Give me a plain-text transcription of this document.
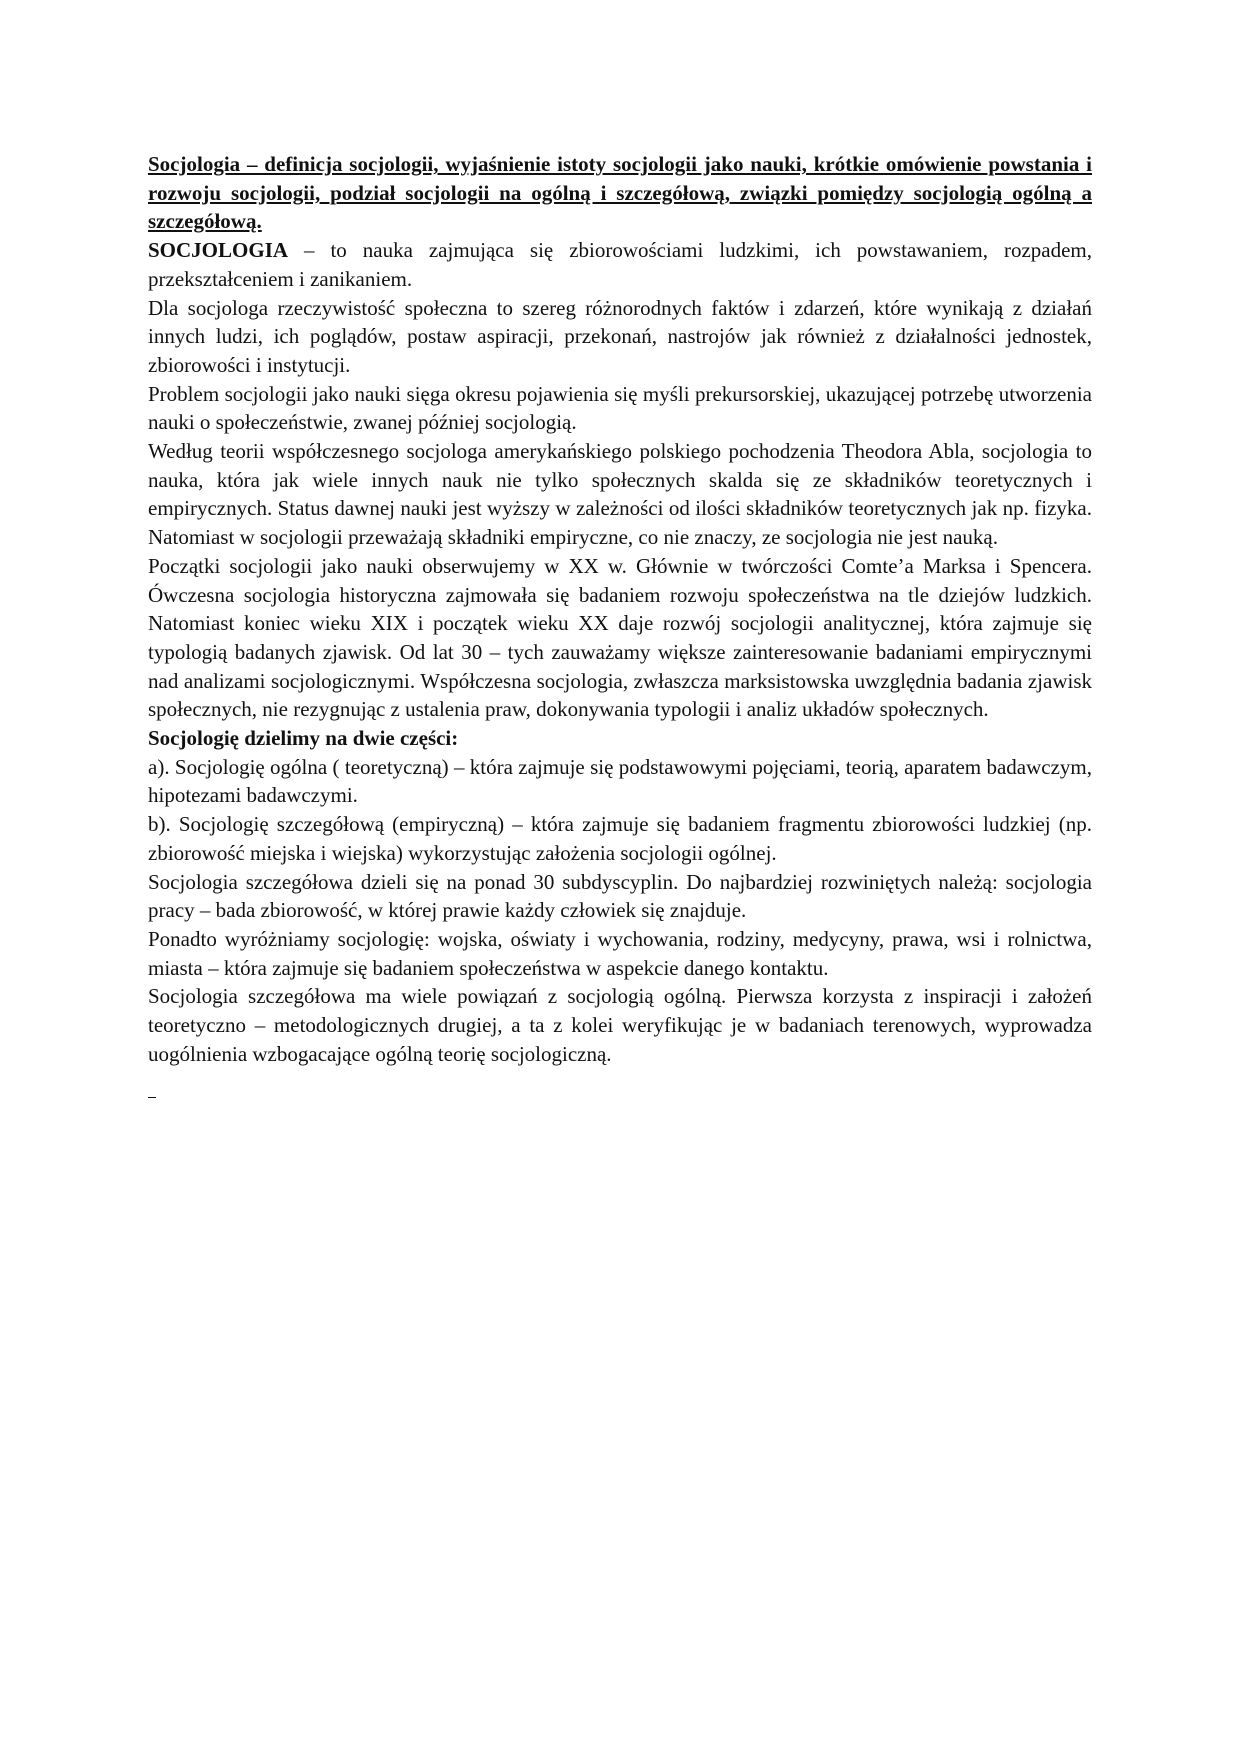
Socjologia – definicja socjologii, wyjaśnienie istoty socjologii jako nauki, krótkie omówienie powstania i rozwoju socjologii, podział socjologii na ogólną i szczegółową, związki pomiędzy socjologią ogólną a szczegółową.

SOCJOLOGIA – to nauka zajmująca się zbiorowościami ludzkimi, ich powstawaniem, rozpadem, przekształceniem i zanikaniem.

Dla socjologa rzeczywistość społeczna to szereg różnorodnych faktów i zdarzeń, które wynikają z działań innych ludzi, ich poglądów, postaw aspiracji, przekonań, nastrojów jak również z działalności jednostek, zbiorowości i instytucji.

Problem socjologii jako nauki sięga okresu pojawienia się myśli prekursorskiej, ukazującej potrzebę utworzenia nauki o społeczeństwie, zwanej później socjologią.

Według teorii współczesnego socjologa amerykańskiego polskiego pochodzenia Theodora Abla, socjologia to nauka, która jak wiele innych nauk nie tylko społecznych skalda się ze składników teoretycznych i empirycznych. Status dawnej nauki jest wyższy w zależności od ilości składników teoretycznych jak np. fizyka. Natomiast w socjologii przeważają składniki empiryczne, co nie znaczy, ze socjologia nie jest nauką.

Początki socjologii jako nauki obserwujemy w XX w. Głównie w twórczości Comte’a Marksa i Spencera. Ówczesna socjologia historyczna zajmowała się badaniem rozwoju społeczeństwa na tle dziejów ludzkich. Natomiast koniec wieku XIX i początek wieku XX daje rozwój socjologii analitycznej, która zajmuje się typologią badanych zjawisk. Od lat 30 – tych zauważamy większe zainteresowanie badaniami empirycznymi nad analizami socjologicznymi. Współczesna socjologia, zwłaszcza marksistowska uwzględnia badania zjawisk społecznych, nie rezygnując z ustalenia praw, dokonywania typologii i analiz układów społecznych.

Socjologię dzielimy na dwie części:

a). Socjologię ogólna ( teoretyczną) – która zajmuje się podstawowymi pojęciami, teorią, aparatem badawczym, hipotezami badawczymi.

b). Socjologię szczegółową (empiryczną) – która zajmuje się badaniem fragmentu zbiorowości ludzkiej (np. zbiorowość miejska i wiejska) wykorzystując założenia socjologii ogólnej.

Socjologia szczegółowa dzieli się na ponad 30 subdyscyplin. Do najbardziej rozwiniętych należą: socjologia pracy – bada zbiorowość, w której prawie każdy człowiek się znajduje.

Ponadto wyróżniamy socjologię: wojska, oświaty i wychowania, rodziny, medycyny, prawa, wsi i rolnictwa, miasta – która zajmuje się badaniem społeczeństwa w aspekcie danego kontaktu.

Socjologia szczegółowa ma wiele powiązań z socjologią ogólną. Pierwsza korzysta z inspiracji i założeń teoretyczno – metodologicznych drugiej, a ta z kolei weryfikując je w badaniach terenowych, wyprowadza uogólnienia wzbogacające ogólną teorię socjologiczną.
